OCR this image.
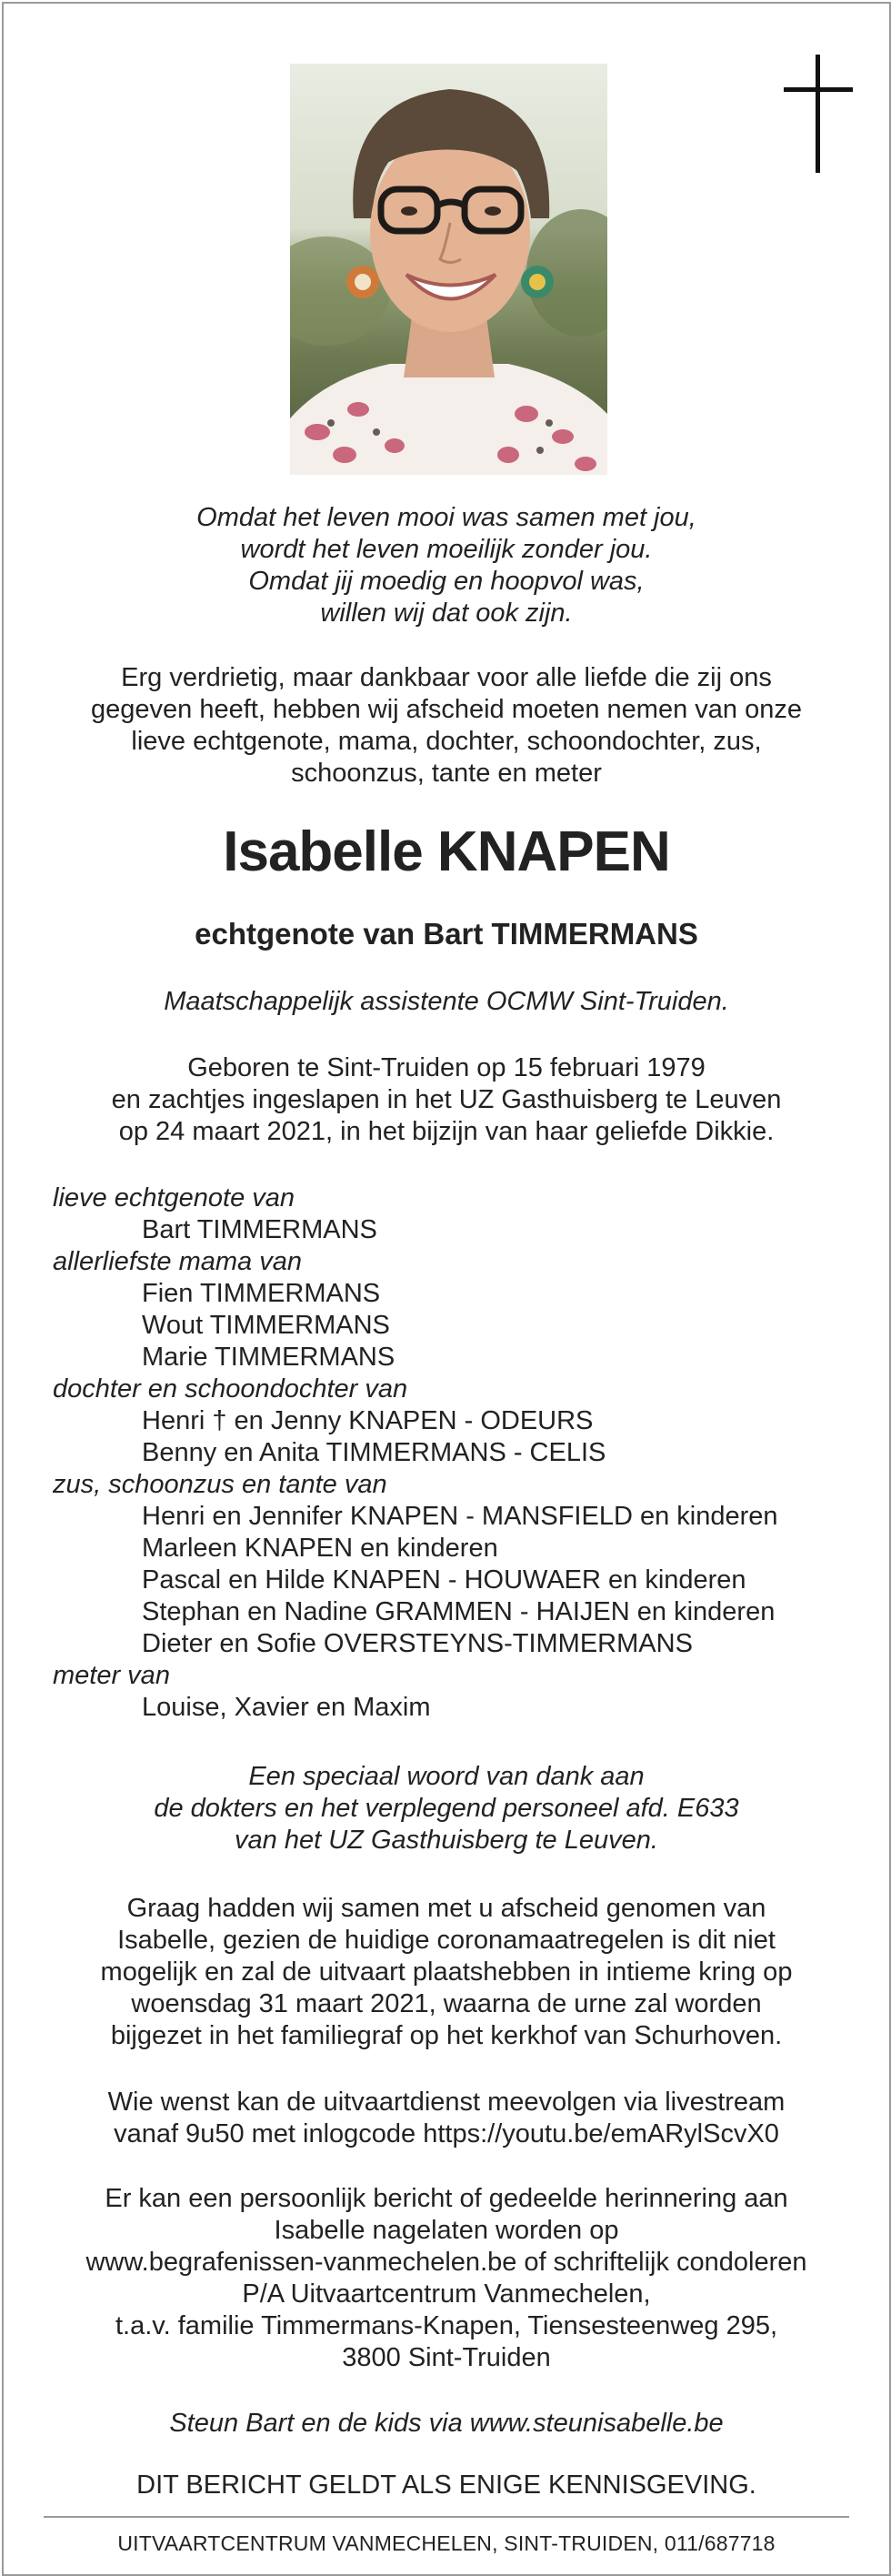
Omdat het leven mooi was samen met jou,
wordt het leven moeilijk zonder jou.
Omdat jij moedig en hoopvol was,
willen wij dat ook zijn.
Erg verdrietig, maar dankbaar voor alle liefde die zij ons
gegeven heeft, hebben wij afscheid moeten nemen van onze
lieve echtgenote, mama, dochter, schoondochter, zus,
schoonzus, tante en meter
Isabelle KNAPEN
echtgenote van Bart TIMMERMANS
Maatschappelijk assistente OCMW Sint-Truiden.
Geboren te Sint-Truiden op 15 februari 1979
en zachtjes ingeslapen in het UZ Gasthuisberg te Leuven
op 24 maart 2021, in het bijzijn van haar geliefde Dikkie.
lieve echtgenote van
Bart TIMMERMANS
allerliefste mama van
Fien TIMMERMANS
Wout TIMMERMANS
Marie TIMMERMANS
dochter en schoondochter van
Henri † en Jenny KNAPEN - ODEURS
Benny en Anita TIMMERMANS - CELIS
zus, schoonzus en tante van
Henri en Jennifer KNAPEN - MANSFIELD en kinderen
Marleen KNAPEN en kinderen
Pascal en Hilde KNAPEN - HOUWAER en kinderen
Stephan en Nadine GRAMMEN - HAIJEN en kinderen
Dieter en Sofie OVERSTEYNS-TIMMERMANS
meter van
Louise, Xavier en Maxim
Een speciaal woord van dank aan
de dokters en het verplegend personeel afd. E633
van het UZ Gasthuisberg te Leuven.
Graag hadden wij samen met u afscheid genomen van
Isabelle, gezien de huidige coronamaatregelen is dit niet
mogelijk en zal de uitvaart plaatshebben in intieme kring op
woensdag 31 maart 2021, waarna de urne zal worden
bijgezet in het familiegraf op het kerkhof van Schurhoven.
Wie wenst kan de uitvaartdienst meevolgen via livestream
vanaf 9u50 met inlogcode https://youtu.be/emARylScvX0
Er kan een persoonlijk bericht of gedeelde herinnering aan
Isabelle nagelaten worden op
www.begrafenissen-vanmechelen.be of schriftelijk condoleren
P/A Uitvaartcentrum Vanmechelen,
t.a.v. familie Timmermans-Knapen, Tiensesteenweg 295,
3800 Sint-Truiden
Steun Bart en de kids via www.steunisabelle.be
DIT BERICHT GELDT ALS ENIGE KENNISGEVING.
UITVAARTCENTRUM VANMECHELEN, SINT-TRUIDEN, 011/687718
